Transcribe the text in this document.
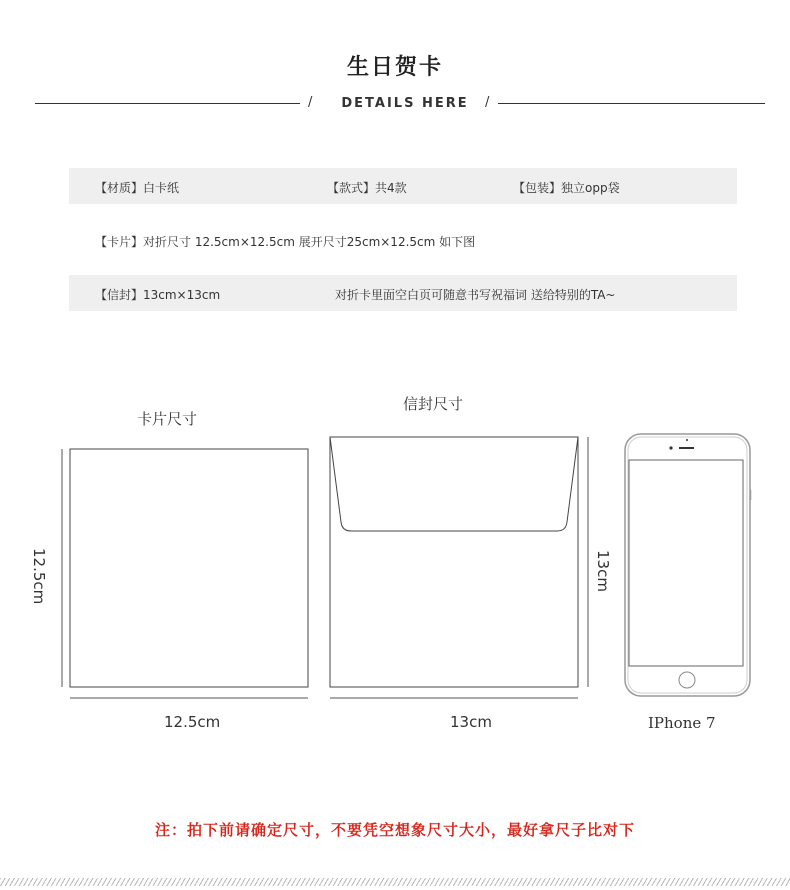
生日贺卡
/ DETAILS HERE /
【材质】白卡纸	【款式】共4款	【包装】独立opp袋
【卡片】对折尺寸 12.5cm×12.5cm 展开尺寸25cm×12.5cm 如下图
【信封】13cm×13cm	对折卡里面空白页可随意书写祝福词 送给特别的TA~
卡片尺寸
信封尺寸
12.5cm
12.5cm
13cm
13cm	IPhone 7
注：拍下前请确定尺寸，不要凭空想象尺寸大小，最好拿尺子比对下
